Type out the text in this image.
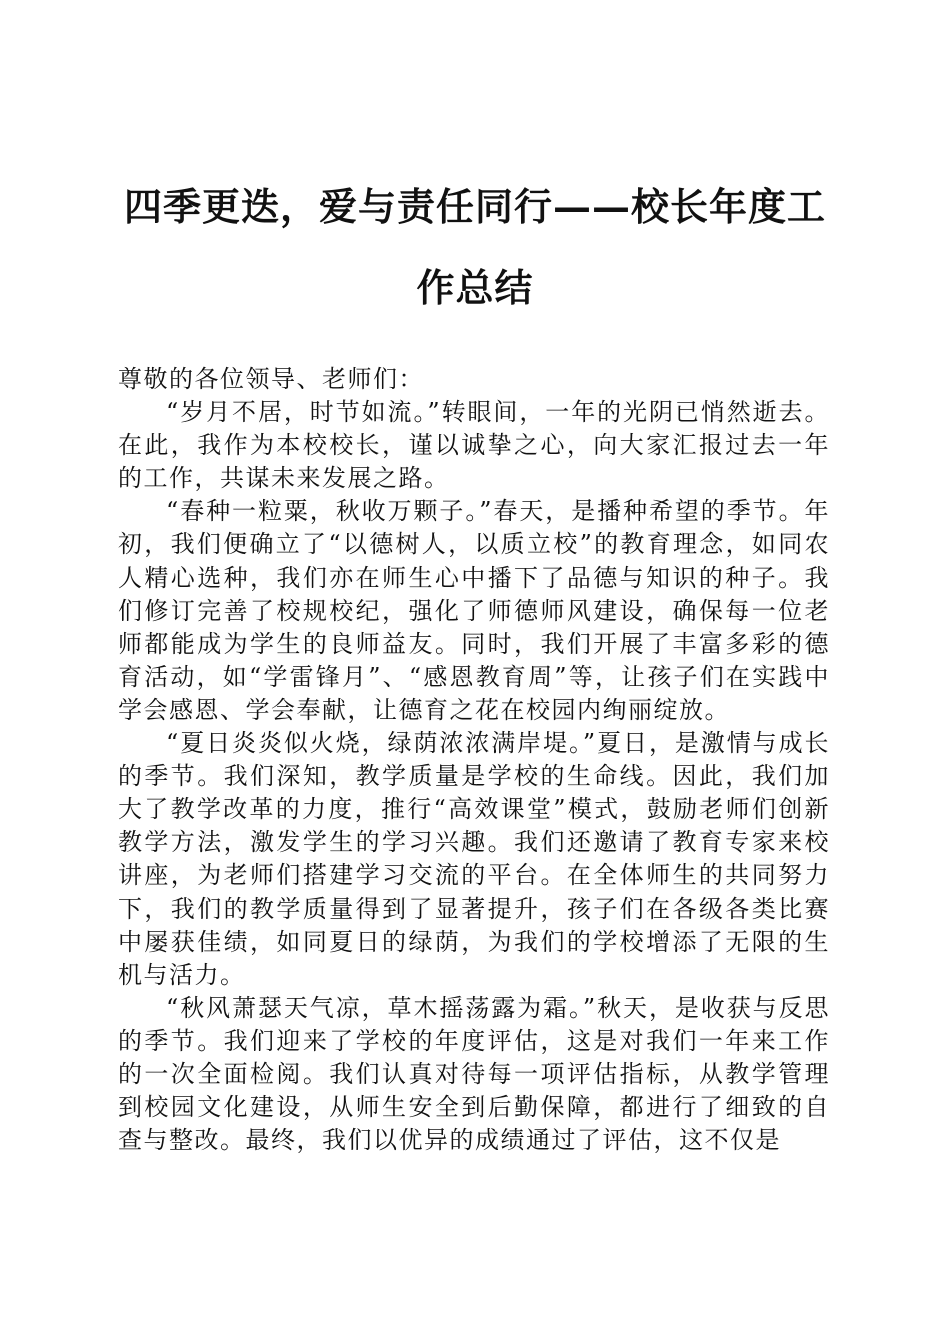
四季更迭，爱与责任同行——校长年度工作总结

尊敬的各位领导、老师们：

“岁月不居，时节如流。”转眼间，一年的光阴已悄然逝去。在此，我作为本校校长，谨以诚挚之心，向大家汇报过去一年的工作，共谋未来发展之路。

“春种一粒粟，秋收万颗子。”春天，是播种希望的季节。年初，我们便确立了“以德树人，以质立校”的教育理念，如同农人精心选种，我们亦在师生心中播下了品德与知识的种子。我们修订完善了校规校纪，强化了师德师风建设，确保每一位老师都能成为学生的良师益友。同时，我们开展了丰富多彩的德育活动，如“学雷锋月”、“感恩教育周”等，让孩子们在实践中学会感恩、学会奉献，让德育之花在校园内绚丽绽放。

“夏日炎炎似火烧，绿荫浓浓满岸堤。”夏日，是激情与成长的季节。我们深知，教学质量是学校的生命线。因此，我们加大了教学改革的力度，推行“高效课堂”模式，鼓励老师们创新教学方法，激发学生的学习兴趣。我们还邀请了教育专家来校讲座，为老师们搭建学习交流的平台。在全体师生的共同努力下，我们的教学质量得到了显著提升，孩子们在各级各类比赛中屡获佳绩，如同夏日的绿荫，为我们的学校增添了无限的生机与活力。

“秋风萧瑟天气凉，草木摇荡露为霜。”秋天，是收获与反思的季节。我们迎来了学校的年度评估，这是对我们一年来工作的一次全面检阅。我们认真对待每一项评估指标，从教学管理到校园文化建设，从师生安全到后勤保障，都进行了细致的自查与整改。最终，我们以优异的成绩通过了评估，这不仅是
